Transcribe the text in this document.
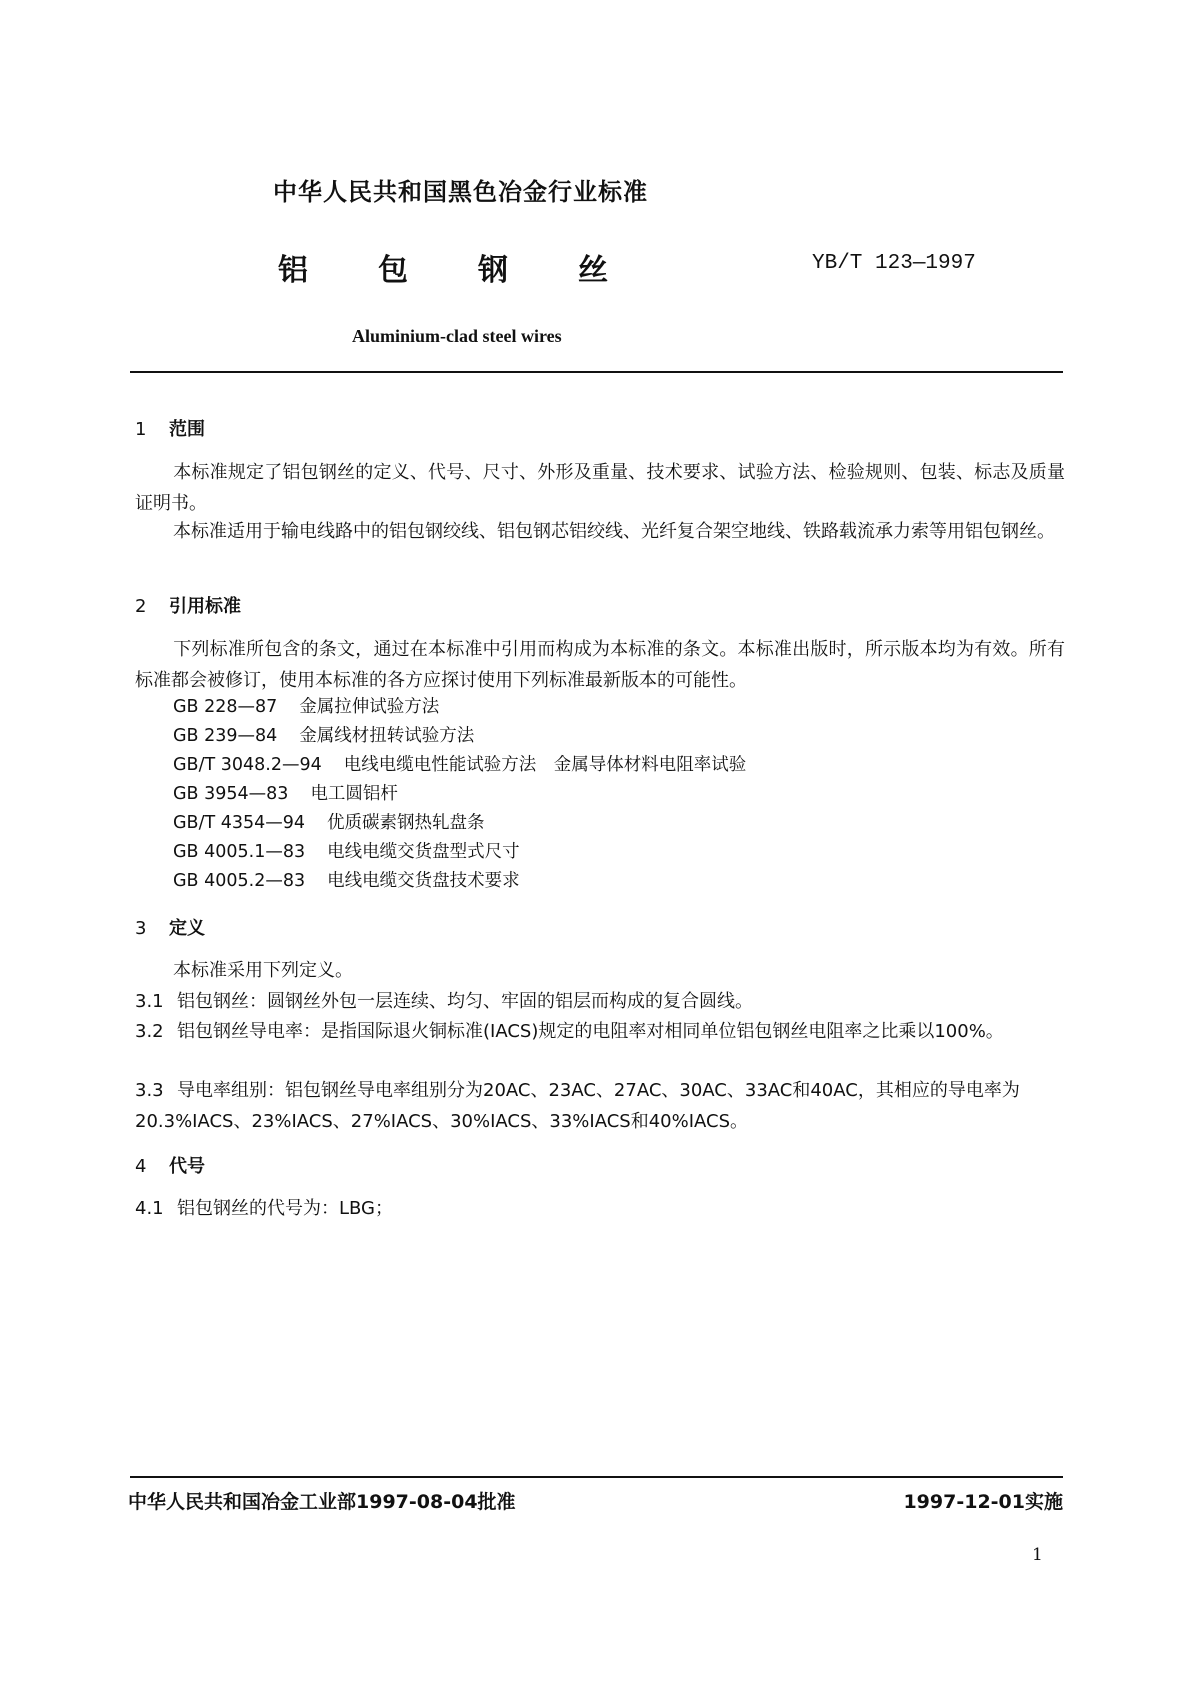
中华人民共和国黑色冶金行业标准
铝 包 钢 丝	YB/T 123—1997
Aluminium-clad steel wires
1 范围
本标准规定了铝包钢丝的定义、代号、尺寸、外形及重量、技术要求、试验方法、检验规则、包装、标志及质量证明书。
本标准适用于输电线路中的铝包钢绞线、铝包钢芯铝绞线、光纤复合架空地线、铁路载流承力索等用铝包钢丝。
2 引用标准
下列标准所包含的条文，通过在本标准中引用而构成为本标准的条文。本标准出版时，所示版本均为有效。所有标准都会被修订，使用本标准的各方应探讨使用下列标准最新版本的可能性。
GB 228—87 金属拉伸试验方法
GB 239—84 金属线材扭转试验方法
GB/T 3048.2—94 电线电缆电性能试验方法　金属导体材料电阻率试验
GB 3954—83 电工圆铝杆
GB/T 4354—94 优质碳素钢热轧盘条
GB 4005.1—83 电线电缆交货盘型式尺寸
GB 4005.2—83 电线电缆交货盘技术要求
3 定义
本标准采用下列定义。
3.1 铝包钢丝：圆钢丝外包一层连续、均匀、牢固的铝层而构成的复合圆线。
3.2 铝包钢丝导电率：是指国际退火铜标准(IACS)规定的电阻率对相同单位铝包钢丝电阻率之比乘以100%。
3.3 导电率组别：铝包钢丝导电率组别分为20AC、23AC、27AC、30AC、33AC和40AC，其相应的导电率为20.3%IACS、23%IACS、27%IACS、30%IACS、33%IACS和40%IACS。
4 代号
4.1 铝包钢丝的代号为：LBG；
中华人民共和国冶金工业部1997-08-04批准	1997-12-01实施
1
